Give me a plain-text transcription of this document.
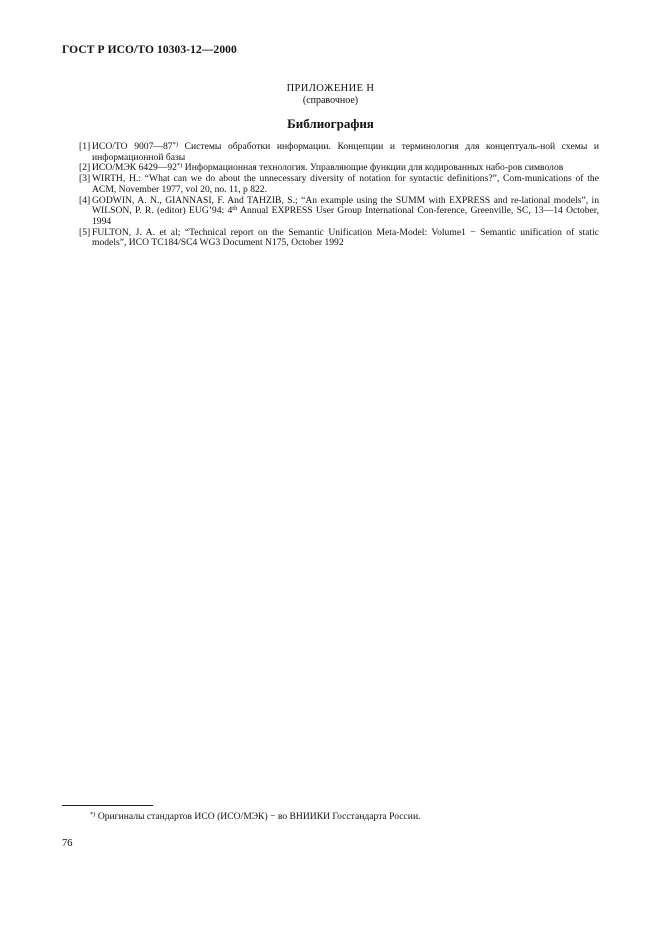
ГОСТ Р ИСО/ТО 10303-12—2000
ПРИЛОЖЕНИЕ Н
(справочное)
Библиография
[1] ИСО/ТО 9007—87*) Системы обработки информации. Концепции и терминология для концептуаль-ной схемы и информационной базы
[2] ИСО/МЭК 6429—92*) Информационная технология. Управляющие функции для кодированных набо-ров символов
[3] WIRTH, H.: “What can we do about the unnecessary diversity of notation for syntactic definitions?”, Com-munications of the ACM, November 1977, vol 20, no. 11, p 822.
[4] GODWIN, A. N., GIANNASI, F. And TAHZIB, S.; “An example using the SUMM with EXPRESS and re-lational models”, in WILSON, P. R. (editor) EUG’94: 4th Annual EXPRESS User Group International Con-ference, Greenville, SC, 13—14 October, 1994
[5] FULTON, J. A. et al; “Technical report on the Semantic Unification Meta-Model: Volume1 − Semantic unification of static models”, ИСО TC184/SC4 WG3 Document N175, October 1992
*) Оригиналы стандартов ИСО (ИСО/МЭК) − во ВНИИКИ Госстандарта России.
76
